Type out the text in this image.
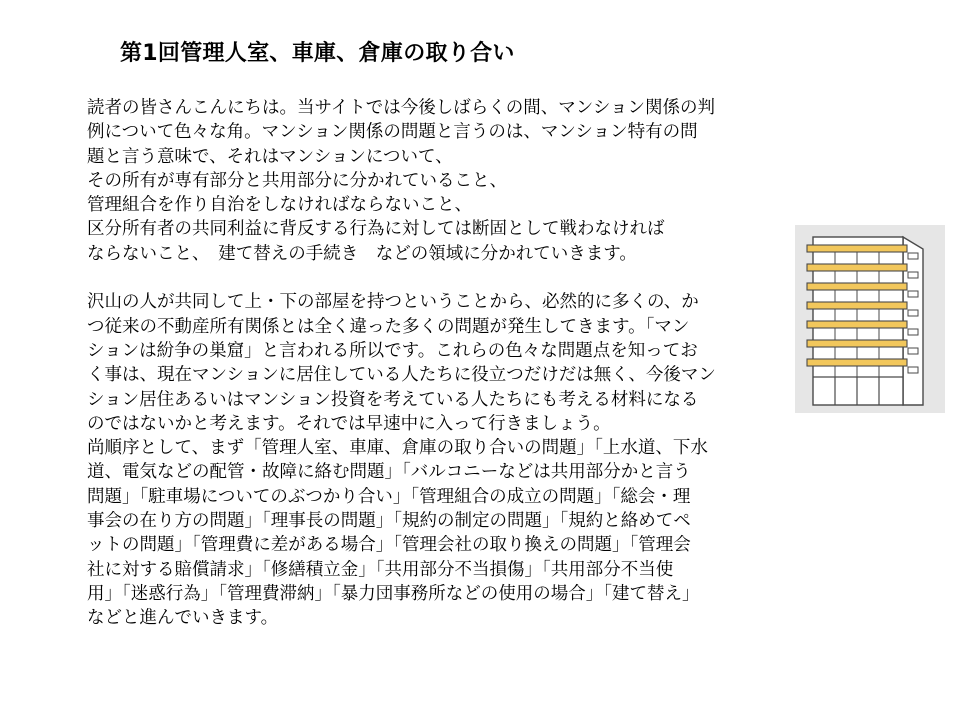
第1回管理人室、車庫、倉庫の取り合い
読者の皆さんこんにちは。当サイトでは今後しばらくの間、マンション関係の判
例について色々な角。マンション関係の問題と言うのは、マンション特有の問
題と言う意味で、それはマンションについて、
その所有が専有部分と共用部分に分かれていること、
管理組合を作り自治をしなければならないこと、
区分所有者の共同利益に背反する行為に対しては断固として戦わなければ
ならないこと、　建て替えの手続き　などの領域に分かれていきます。
沢山の人が共同して上・下の部屋を持つということから、必然的に多くの、か
つ従来の不動産所有関係とは全く違った多くの問題が発生してきます。「マン
ションは紛争の巣窟」と言われる所以です。これらの色々な問題点を知ってお
く事は、現在マンションに居住している人たちに役立つだけだは無く、今後マン
ション居住あるいはマンション投資を考えている人たちにも考える材料になる
のではないかと考えます。それでは早速中に入って行きましょう。
尚順序として、まず「管理人室、車庫、倉庫の取り合いの問題」「上水道、下水
道、電気などの配管・故障に絡む問題」「バルコニーなどは共用部分かと言う
問題」「駐車場についてのぶつかり合い」「管理組合の成立の問題」「総会・理
事会の在り方の問題」「理事長の問題」「規約の制定の問題」「規約と絡めてペ
ットの問題」「管理費に差がある場合」「管理会社の取り換えの問題」「管理会
社に対する賠償請求」「修繕積立金」「共用部分不当損傷」「共用部分不当使
用」「迷惑行為」「管理費滞納」「暴力団事務所などの使用の場合」「建て替え」
などと進んでいきます。
